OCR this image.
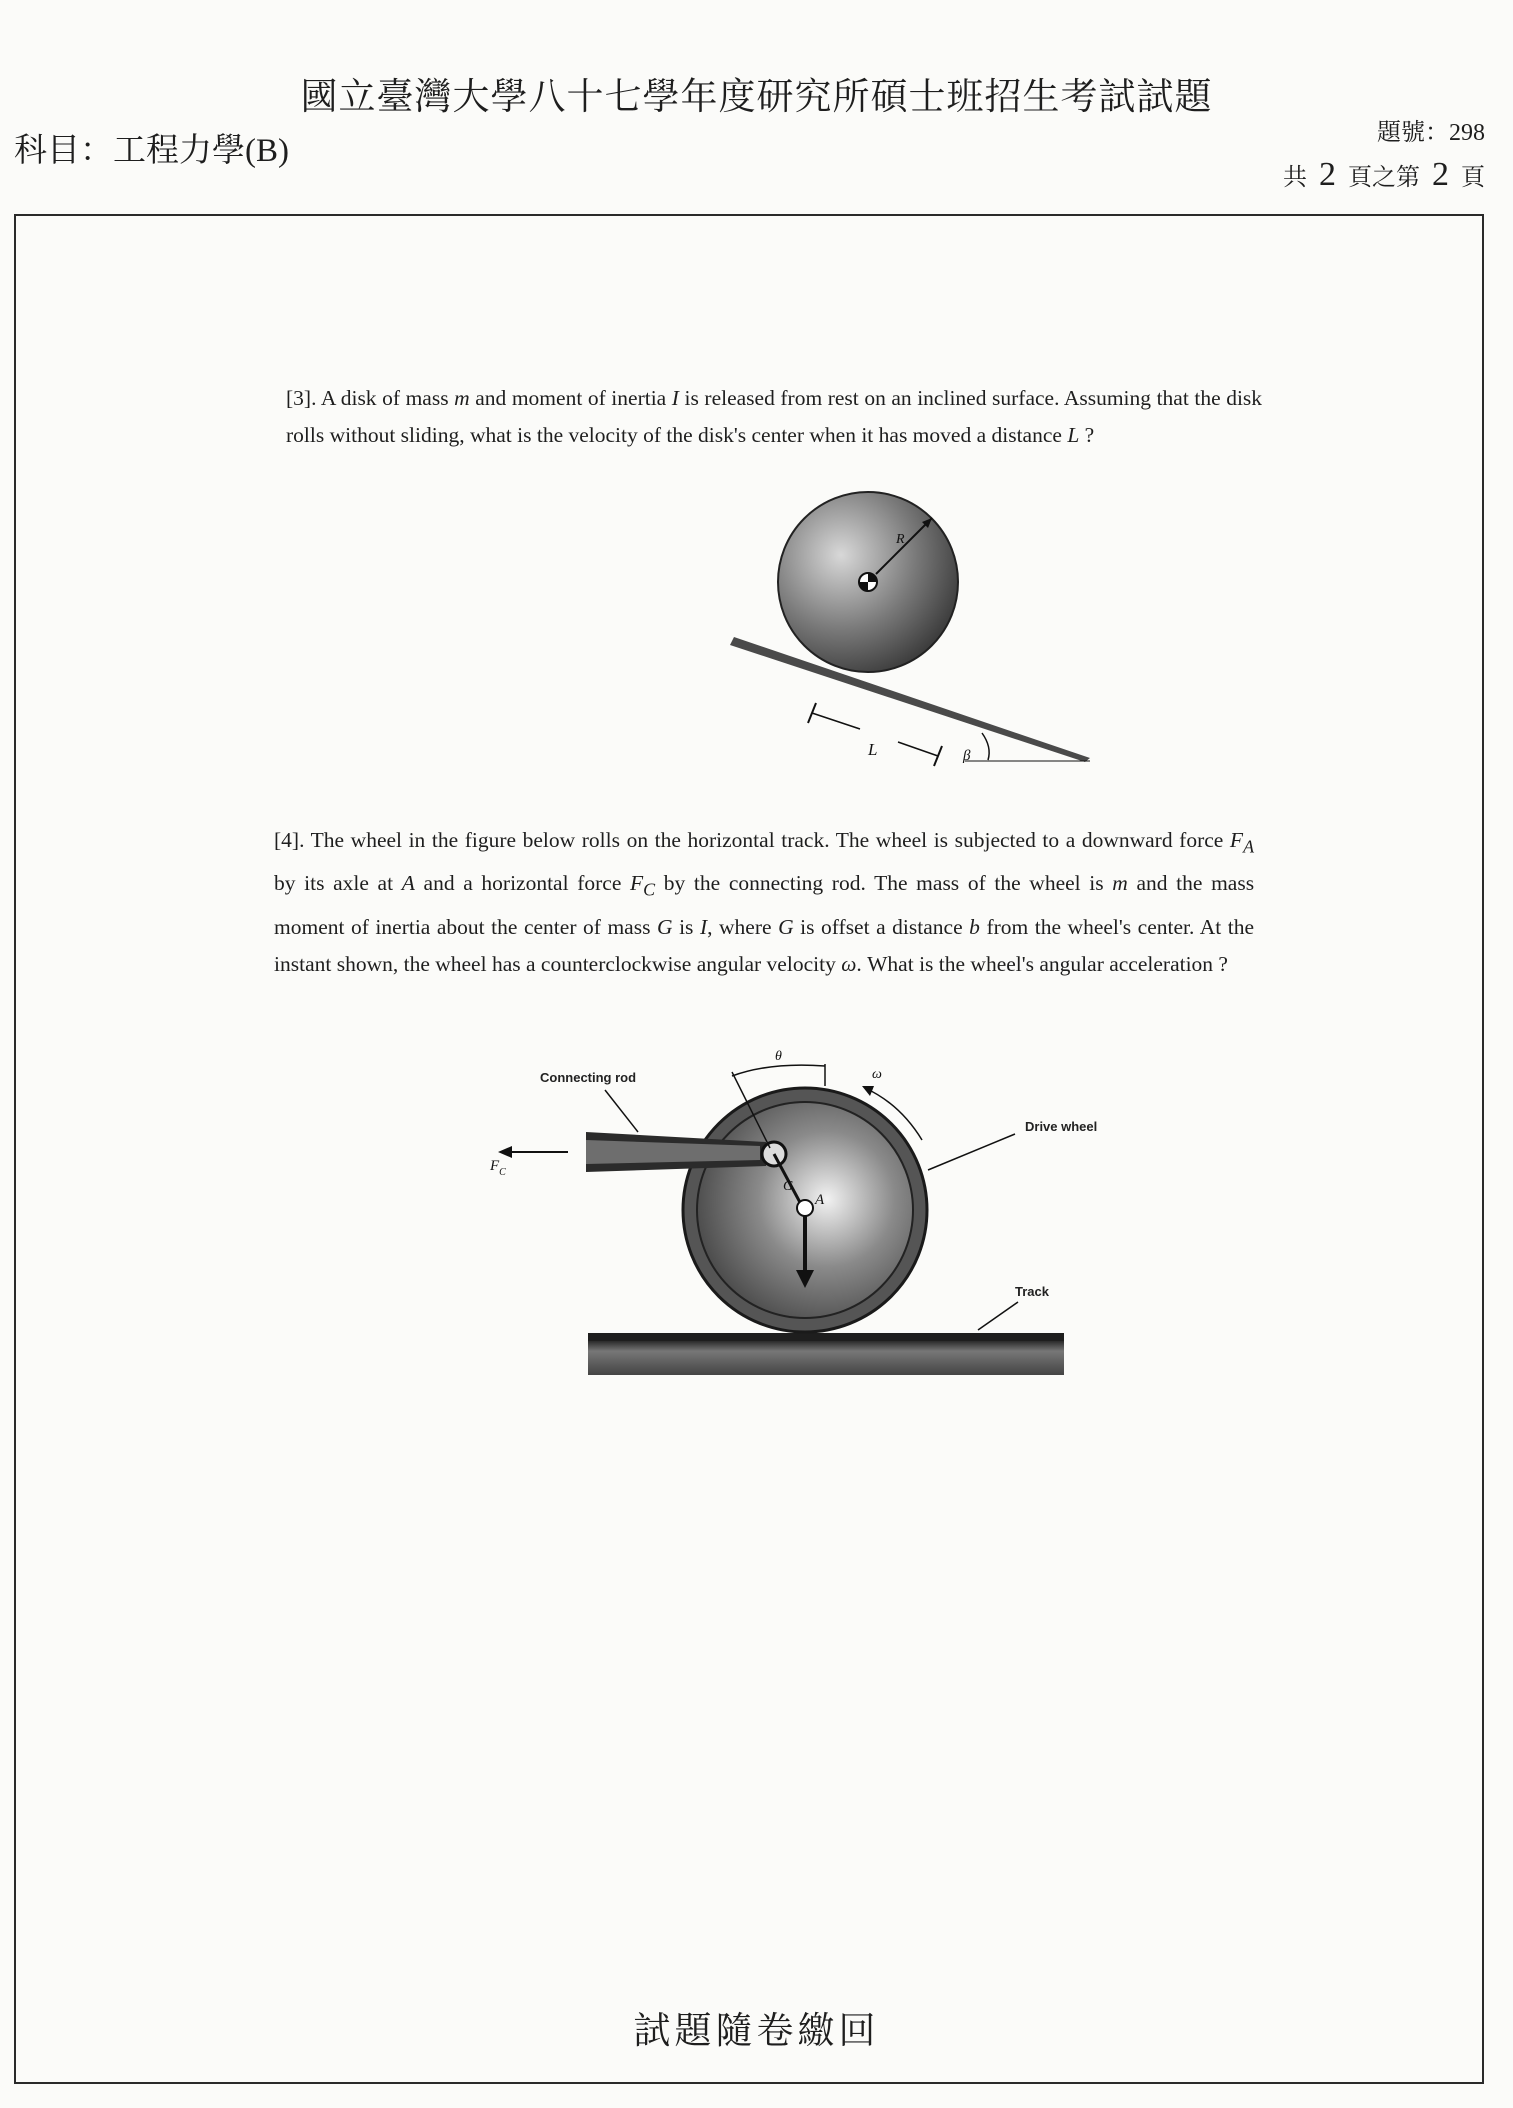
國立臺灣大學八十七學年度研究所碩士班招生考試試題
科目：工程力學(B)	題號：298
共 2 頁之第 2 頁
[3]. A disk of mass m and moment of inertia I is released from rest on an inclined surface. Assuming that the disk rolls without sliding, what is the velocity of the disk's center when it has moved a distance L ?
R
L	β
[4]. The wheel in the figure below rolls on the horizontal track. The wheel is subjected to a downward force $F_A$ by its axle at A and a horizontal force $F_C$ by the connecting rod. The mass of the wheel is m and the mass moment of inertia about the center of mass G is I, where G is offset a distance b from the wheel's center. At the instant shown, the wheel has a counterclockwise angular velocity ω. What is the wheel's angular acceleration ?
A
G
$F_C$
Connecting rod
θ
ω
Drive wheel
Track
試題隨卷繳回
